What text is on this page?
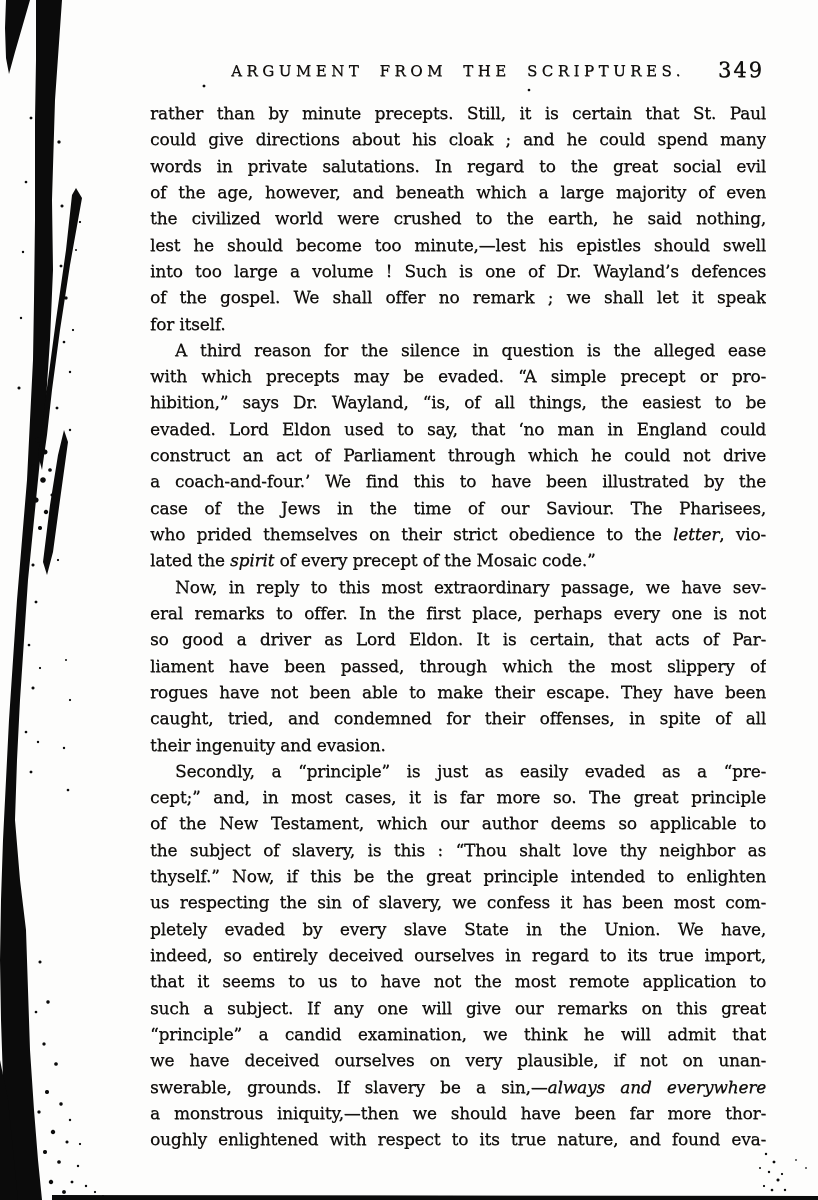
ARGUMENT FROM THE SCRIPTURES.	349
rather than by minute precepts. Still, it is certain that St. Paul
could give directions about his cloak ; and he could spend many
words in private salutations. In regard to the great social evil
of the age, however, and beneath which a large majority of even
the civilized world were crushed to the earth, he said nothing,
lest he should become too minute,—lest his epistles should swell
into too large a volume ! Such is one of Dr. Wayland’s defences
of the gospel. We shall offer no remark ; we shall let it speak
for itself.
A third reason for the silence in question is the alleged ease
with which precepts may be evaded. “A simple precept or pro-
hibition,” says Dr. Wayland, “is, of all things, the easiest to be
evaded. Lord Eldon used to say, that ‘no man in England could
construct an act of Parliament through which he could not drive
a coach-and-four.’ We find this to have been illustrated by the
case of the Jews in the time of our Saviour. The Pharisees,
who prided themselves on their strict obedience to the letter, vio-
lated the spirit of every precept of the Mosaic code.”
Now, in reply to this most extraordinary passage, we have sev-
eral remarks to offer. In the first place, perhaps every one is not
so good a driver as Lord Eldon. It is certain, that acts of Par-
liament have been passed, through which the most slippery of
rogues have not been able to make their escape. They have been
caught, tried, and condemned for their offenses, in spite of all
their ingenuity and evasion.
Secondly, a “principle” is just as easily evaded as a “pre-
cept;” and, in most cases, it is far more so. The great principle
of the New Testament, which our author deems so applicable to
the subject of slavery, is this : “Thou shalt love thy neighbor as
thyself.” Now, if this be the great principle intended to enlighten
us respecting the sin of slavery, we confess it has been most com-
pletely evaded by every slave State in the Union. We have,
indeed, so entirely deceived ourselves in regard to its true import,
that it seems to us to have not the most remote application to
such a subject. If any one will give our remarks on this great
“principle” a candid examination, we think he will admit that
we have deceived ourselves on very plausible, if not on unan-
swerable, grounds. If slavery be a sin,—always and everywhere
a monstrous iniquity,—then we should have been far more thor-
oughly enlightened with respect to its true nature, and found eva-
